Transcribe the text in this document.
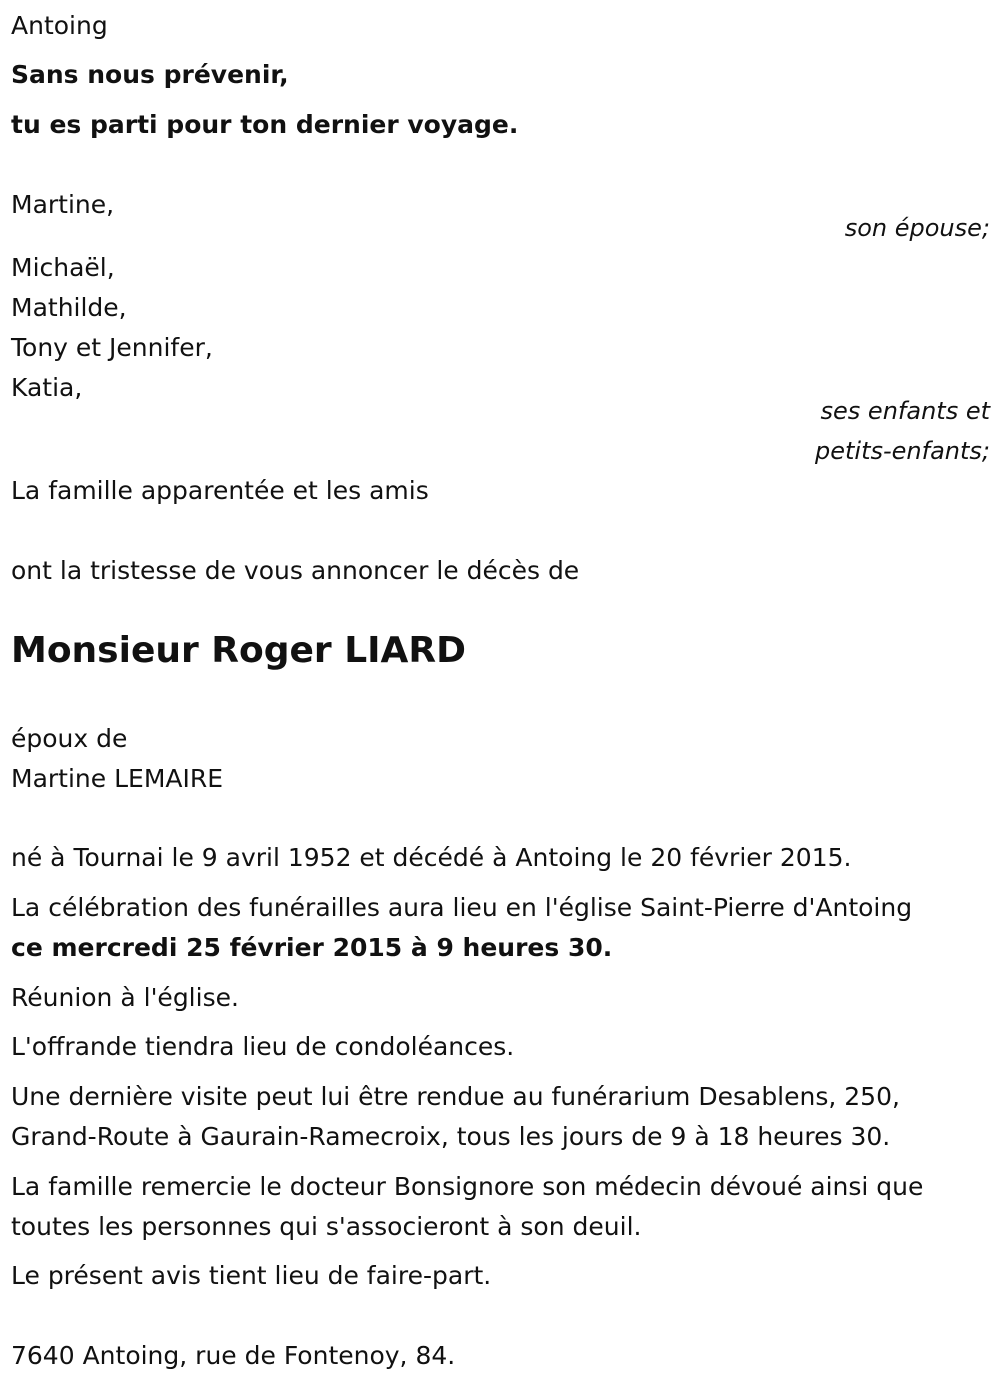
Antoing
Sans nous prévenir,
tu es parti pour ton dernier voyage.
Martine,
son épouse;
Michaël,
Mathilde,
Tony et Jennifer,
Katia,
ses enfants et
petits-enfants;
La famille apparentée et les amis
ont la tristesse de vous annoncer le décès de
Monsieur Roger LIARD
époux de
Martine LEMAIRE
né à Tournai le 9 avril 1952 et décédé à Antoing le 20 février 2015.
La célébration des funérailles aura lieu en l'église Saint-Pierre d'Antoing
ce mercredi 25 février 2015 à 9 heures 30.
Réunion à l'église.
L'offrande tiendra lieu de condoléances.
Une dernière visite peut lui être rendue au funérarium Desablens, 250,
Grand-Route à Gaurain-Ramecroix, tous les jours de 9 à 18 heures 30.
La famille remercie le docteur Bonsignore son médecin dévoué ainsi que
toutes les personnes qui s'associeront à son deuil.
Le présent avis tient lieu de faire-part.
7640 Antoing, rue de Fontenoy, 84.
